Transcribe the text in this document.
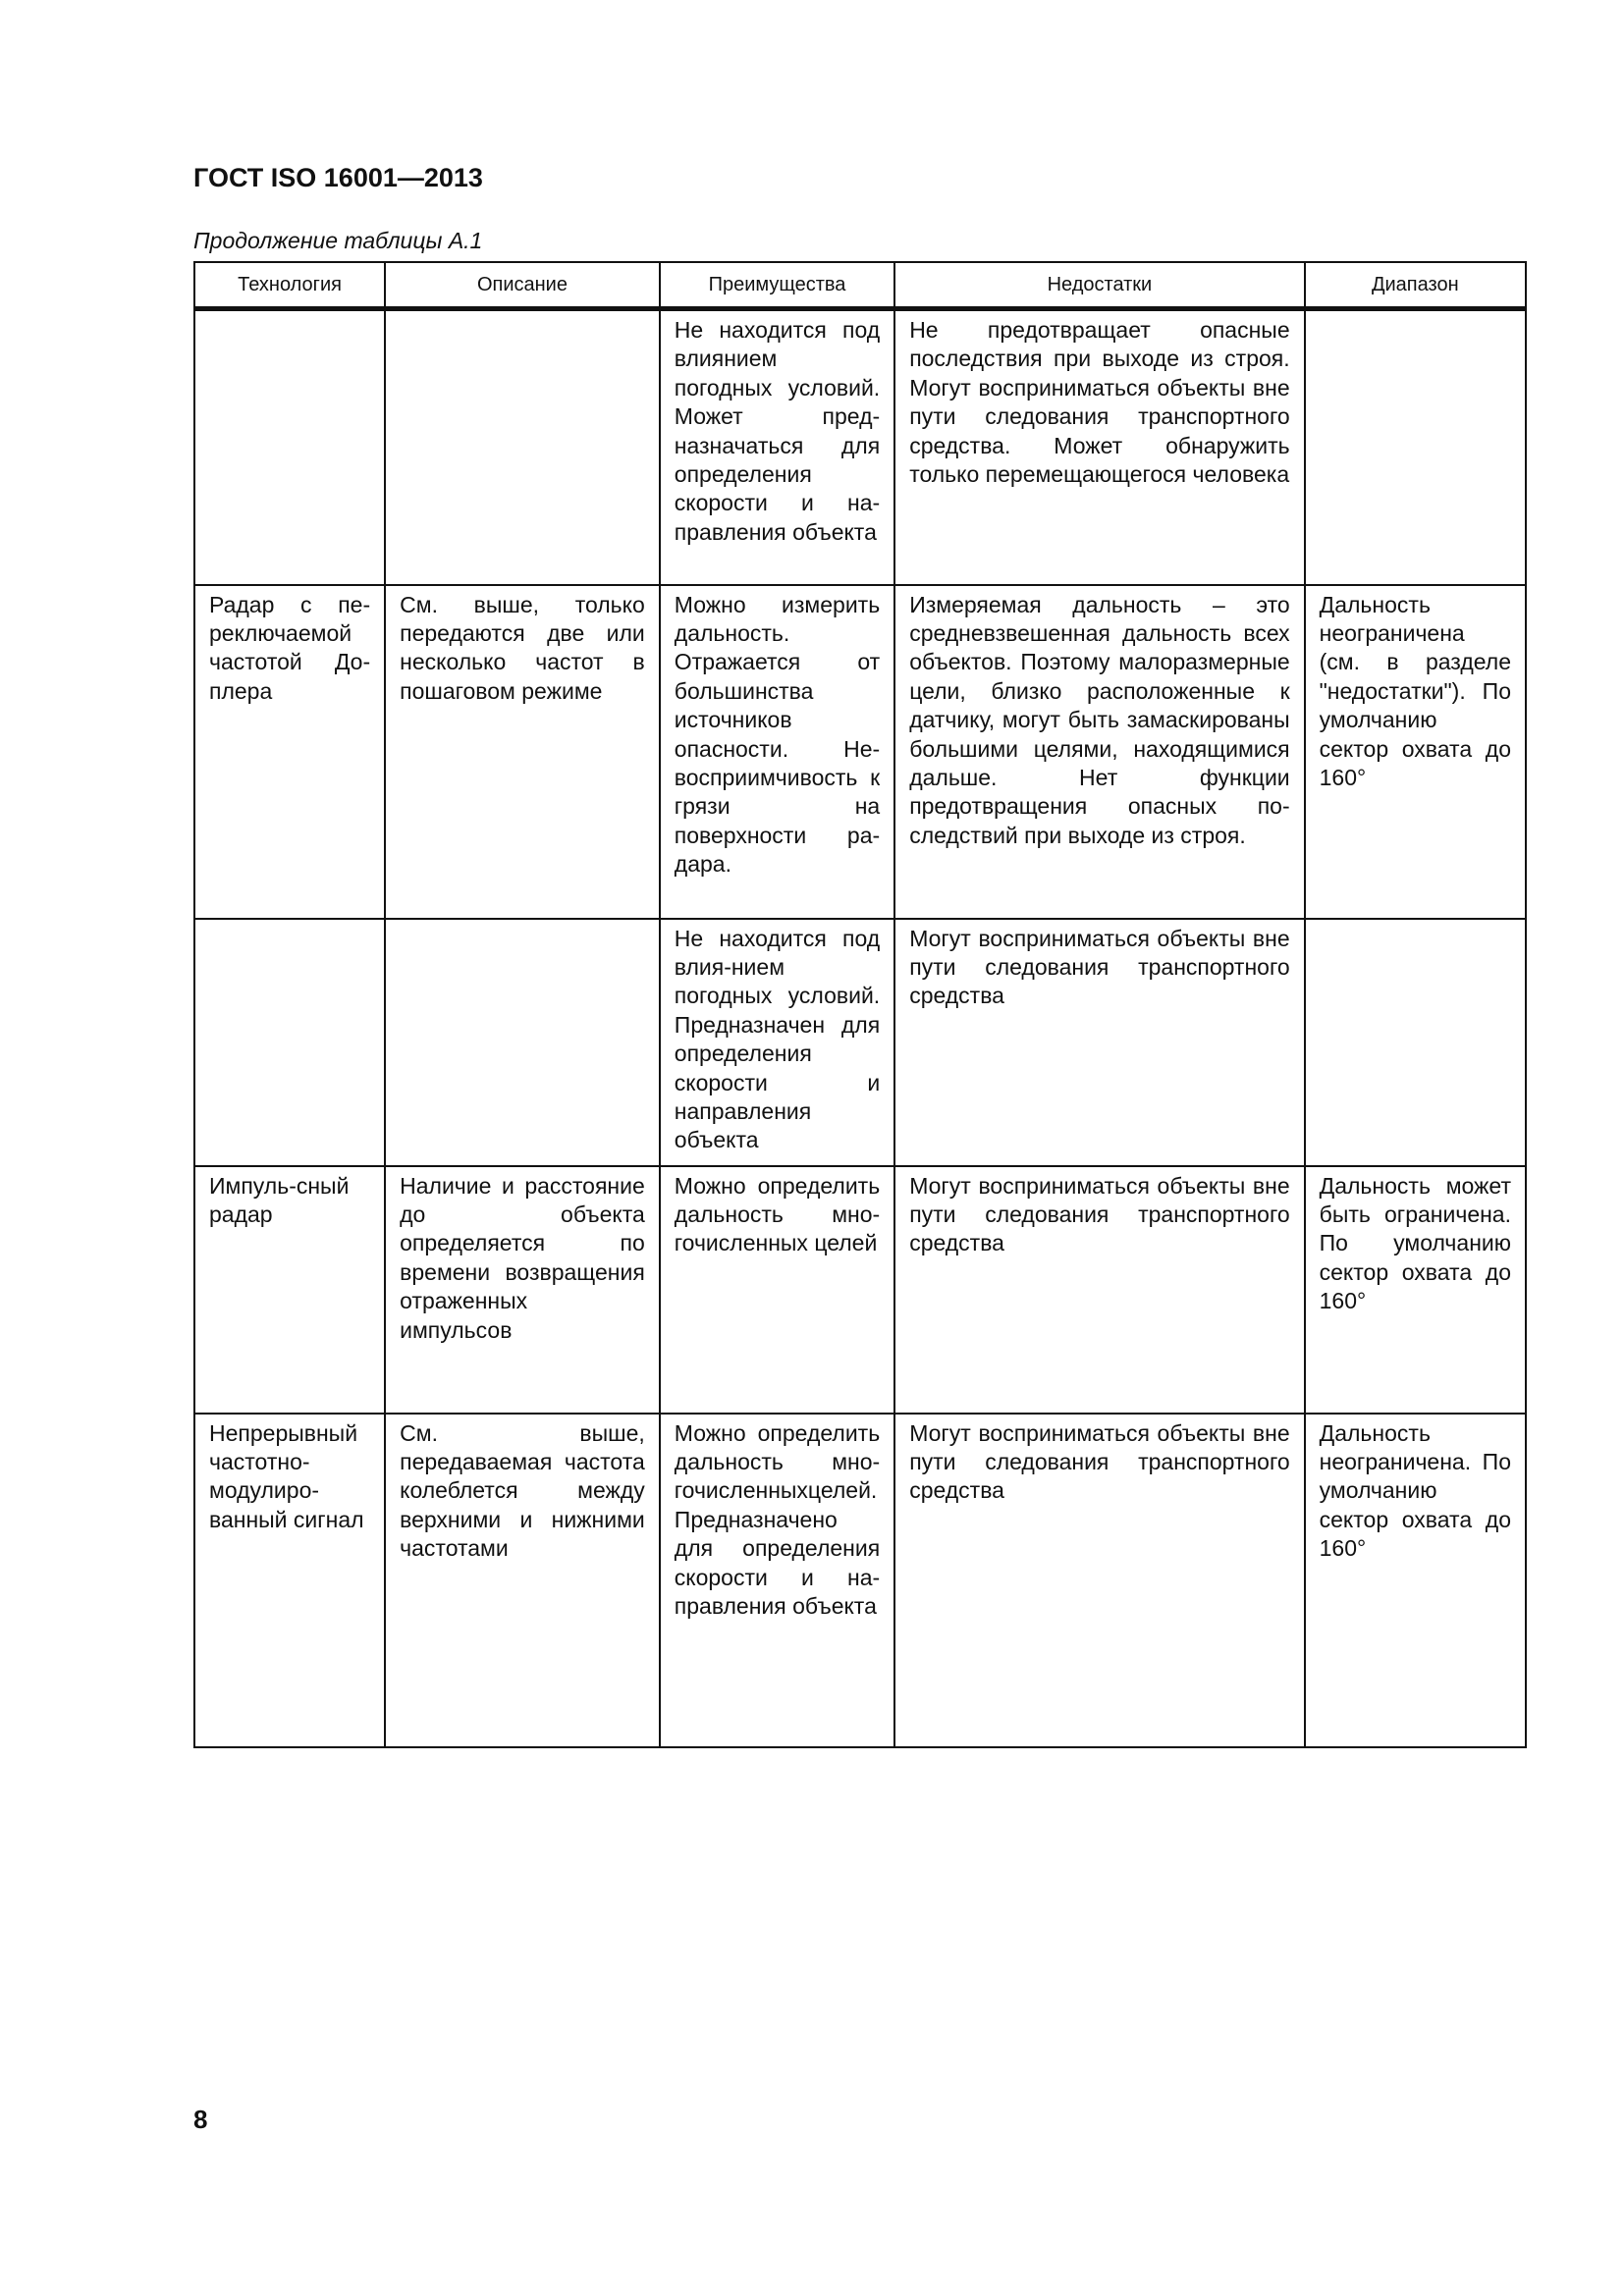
ГОСТ ISO 16001—2013
Продолжение таблицы А.1
Технология	Описание	Преимущества	Недостатки	Диапазон
		Не находится под влиянием погодных условий. Может предназначаться для определения скорости и направления объекта	Не предотвращает опасные последствия при выходе из строя. Могут восприниматься объекты вне пути следования транспортного средства. Может обнаружить только перемещающегося человека	
Радар с переключаемой частотой Доплера	См. выше, только передаются две или несколько частот в пошаговом режиме	Можно измерить дальность. Отражается от большинства источников опасности. Невосприимчивость к грязи на поверхности радара.	Измеряемая дальность – это средневзвешенная дальность всех объектов. Поэтому малоразмерные цели, близко расположенные к датчику, могут быть замаскированы большими целями, находящимися дальше. Нет функции предотвращения опасных последствий при выходе из строя.	Дальность неограничена (см. в разделе "недостатки"). По умолчанию сектор охвата до 160°
		Не находится под влия-нием погодных условий. Предназначен для определения скорости и направления объекта	Могут восприниматься объекты вне пути следования транспортного средства	
Импуль-сный радар	Наличие и расстояние до объекта определяется по времени возвращения отраженных импульсов	Можно определить дальность многочисленных целей	Могут восприниматься объекты вне пути следования транспортного средства	Дальность может быть ограничена. По умолчанию сектор охвата до 160°
Непрерывный частотно-модулированный сигнал	См. выше, передаваемая частота колеблется между верхними и нижними частотами	Можно определить дальность многочисленныхцелей. Предназначено для определения скорости и направления объекта	Могут восприниматься объекты вне пути следования транспортного средства	Дальность неограничена. По умолчанию сектор охвата до 160°
8
